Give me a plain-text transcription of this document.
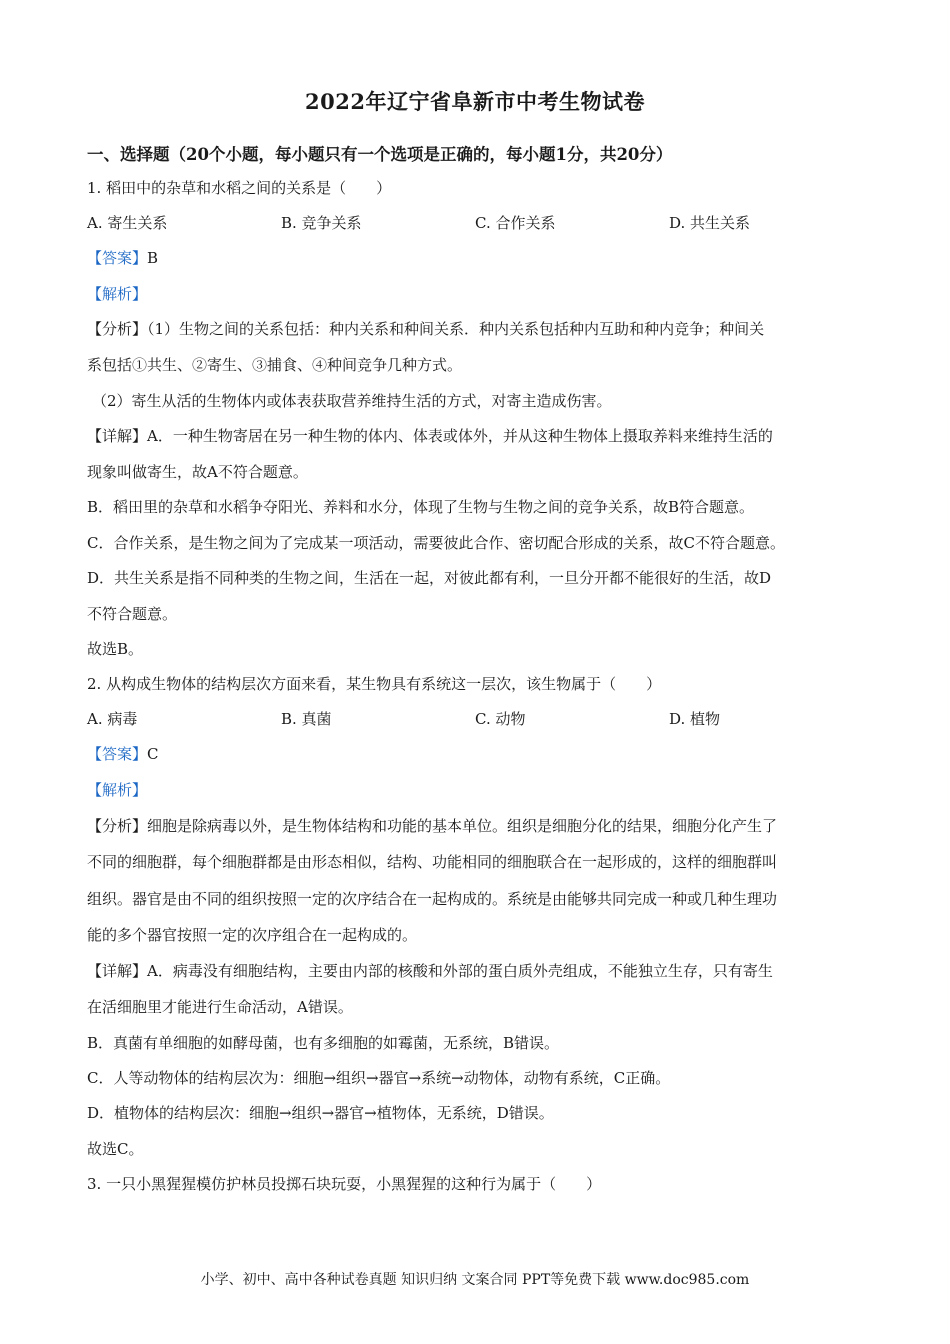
2022年辽宁省阜新市中考生物试卷
一、选择题（20个小题，每小题只有一个选项是正确的，每小题1分，共20分）
1. 稻田中的杂草和水稻之间的关系是（　　）
A. 寄生关系	B. 竞争关系	C. 合作关系	D. 共生关系
【答案】B
【解析】
【分析】（1）生物之间的关系包括：种内关系和种间关系．种内关系包括种内互助和种内竞争；种间关
系包括①共生、②寄生、③捕食、④种间竞争几种方式。
（2）寄生从活的生物体内或体表获取营养维持生活的方式，对寄主造成伤害。
【详解】A．一种生物寄居在另一种生物的体内、体表或体外，并从这种生物体上摄取养料来维持生活的
现象叫做寄生，故A不符合题意。
B．稻田里的杂草和水稻争夺阳光、养料和水分，体现了生物与生物之间的竞争关系，故B符合题意。
C．合作关系，是生物之间为了完成某一项活动，需要彼此合作、密切配合形成的关系，故C不符合题意。
D．共生关系是指不同种类的生物之间，生活在一起，对彼此都有利，一旦分开都不能很好的生活，故D
不符合题意。
故选B。
2. 从构成生物体的结构层次方面来看，某生物具有系统这一层次，该生物属于（　　）
A. 病毒	B. 真菌	C. 动物	D. 植物
【答案】C
【解析】
【分析】细胞是除病毒以外，是生物体结构和功能的基本单位。组织是细胞分化的结果，细胞分化产生了
不同的细胞群，每个细胞群都是由形态相似，结构、功能相同的细胞联合在一起形成的，这样的细胞群叫
组织。器官是由不同的组织按照一定的次序结合在一起构成的。系统是由能够共同完成一种或几种生理功
能的多个器官按照一定的次序组合在一起构成的。
【详解】A．病毒没有细胞结构，主要由内部的核酸和外部的蛋白质外壳组成，不能独立生存，只有寄生
在活细胞里才能进行生命活动，A错误。
B．真菌有单细胞的如酵母菌，也有多细胞的如霉菌，无系统，B错误。
C．人等动物体的结构层次为：细胞→组织→器官→系统→动物体，动物有系统，C正确。
D．植物体的结构层次：细胞→组织→器官→植物体，无系统，D错误。
故选C。
3. 一只小黑猩猩模仿护林员投掷石块玩耍，小黑猩猩的这种行为属于（　　）
小学、初中、高中各种试卷真题 知识归纳 文案合同 PPT等免费下载 www.doc985.com
